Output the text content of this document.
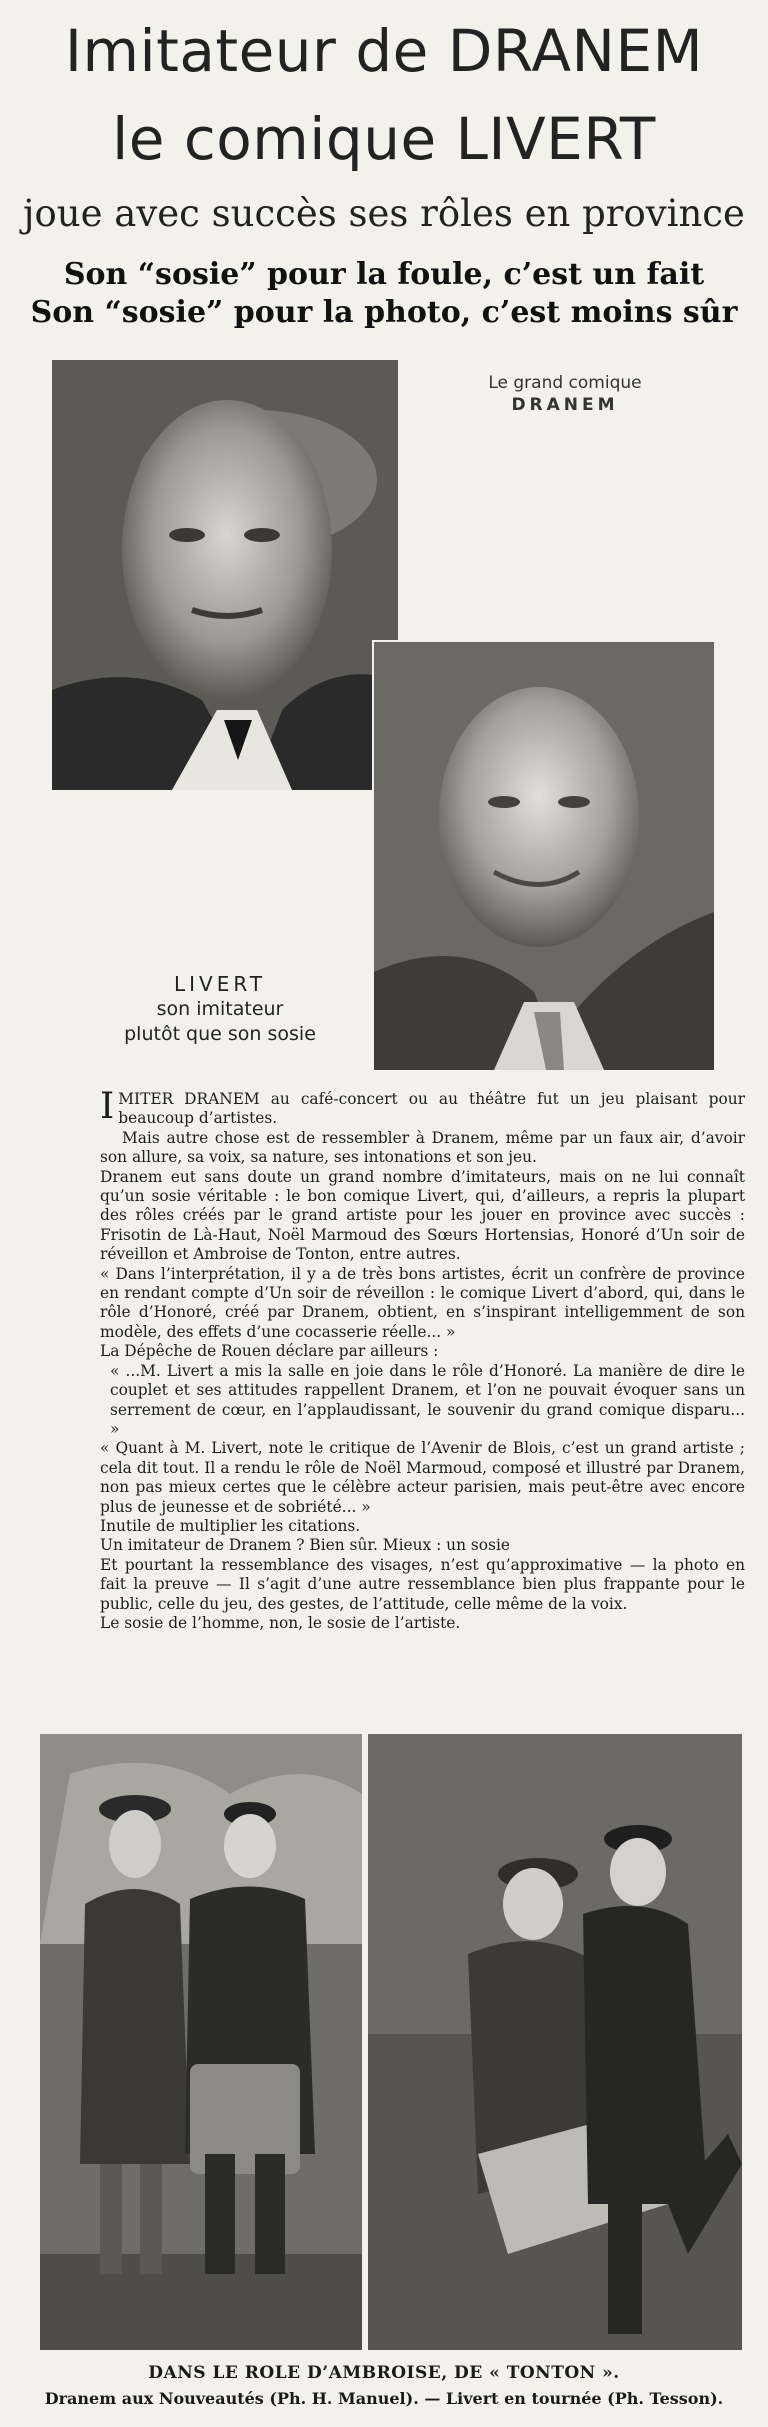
Imitateur de DRANEM
le comique LIVERT
joue avec succès ses rôles en province
Son “sosie” pour la foule, c’est un fait
Son “sosie” pour la photo, c’est moins sûr
Le grand comique
DRANEM
LIVERT
son imitateur
plutôt que son sosie

IMITER DRANEM au café-concert ou au théâtre fut un jeu plaisant pour beaucoup d’artistes.

Mais autre chose est de ressembler à Dranem, même par un faux air, d’avoir son allure, sa voix, sa nature, ses intonations et son jeu.

Dranem eut sans doute un grand nombre d’imitateurs, mais on ne lui connaît qu’un sosie véritable : le bon comique Livert, qui, d’ailleurs, a repris la plupart des rôles créés par le grand artiste pour les jouer en province avec succès : Frisotin de Là-Haut, Noël Marmoud des Sœurs Hortensias, Honoré d’Un soir de réveillon et Ambroise de Tonton, entre autres.

« Dans l’interprétation, il y a de très bons artistes, écrit un confrère de province en rendant compte d’Un soir de réveillon : le comique Livert d’abord, qui, dans le rôle d’Honoré, créé par Dranem, obtient, en s’inspirant intelligemment de son modèle, des effets d’une cocasserie réelle... »

La Dépêche de Rouen déclare par ailleurs :

« ...M. Livert a mis la salle en joie dans le rôle d’Honoré. La manière de dire le couplet et ses attitudes rappellent Dranem, et l’on ne pouvait évoquer sans un serrement de cœur, en l’applaudissant, le souvenir du grand comique disparu... »

« Quant à M. Livert, note le critique de l’Avenir de Blois, c’est un grand artiste ; cela dit tout. Il a rendu le rôle de Noël Marmoud, composé et illustré par Dranem, non pas mieux certes que le célèbre acteur parisien, mais peut-être avec encore plus de jeunesse et de sobriété... »

Inutile de multiplier les citations.

Un imitateur de Dranem ? Bien sûr. Mieux : un sosie

Et pourtant la ressemblance des visages, n’est qu’approximative — la photo en fait la preuve — Il s’agit d’une autre ressemblance bien plus frappante pour le public, celle du jeu, des gestes, de l’attitude, celle même de la voix.

Le sosie de l’homme, non, le sosie de l’artiste.

DANS LE ROLE D’AMBROISE, DE « TONTON ».
Dranem aux Nouveautés (Ph. H. Manuel). — Livert en tournée (Ph. Tesson).
